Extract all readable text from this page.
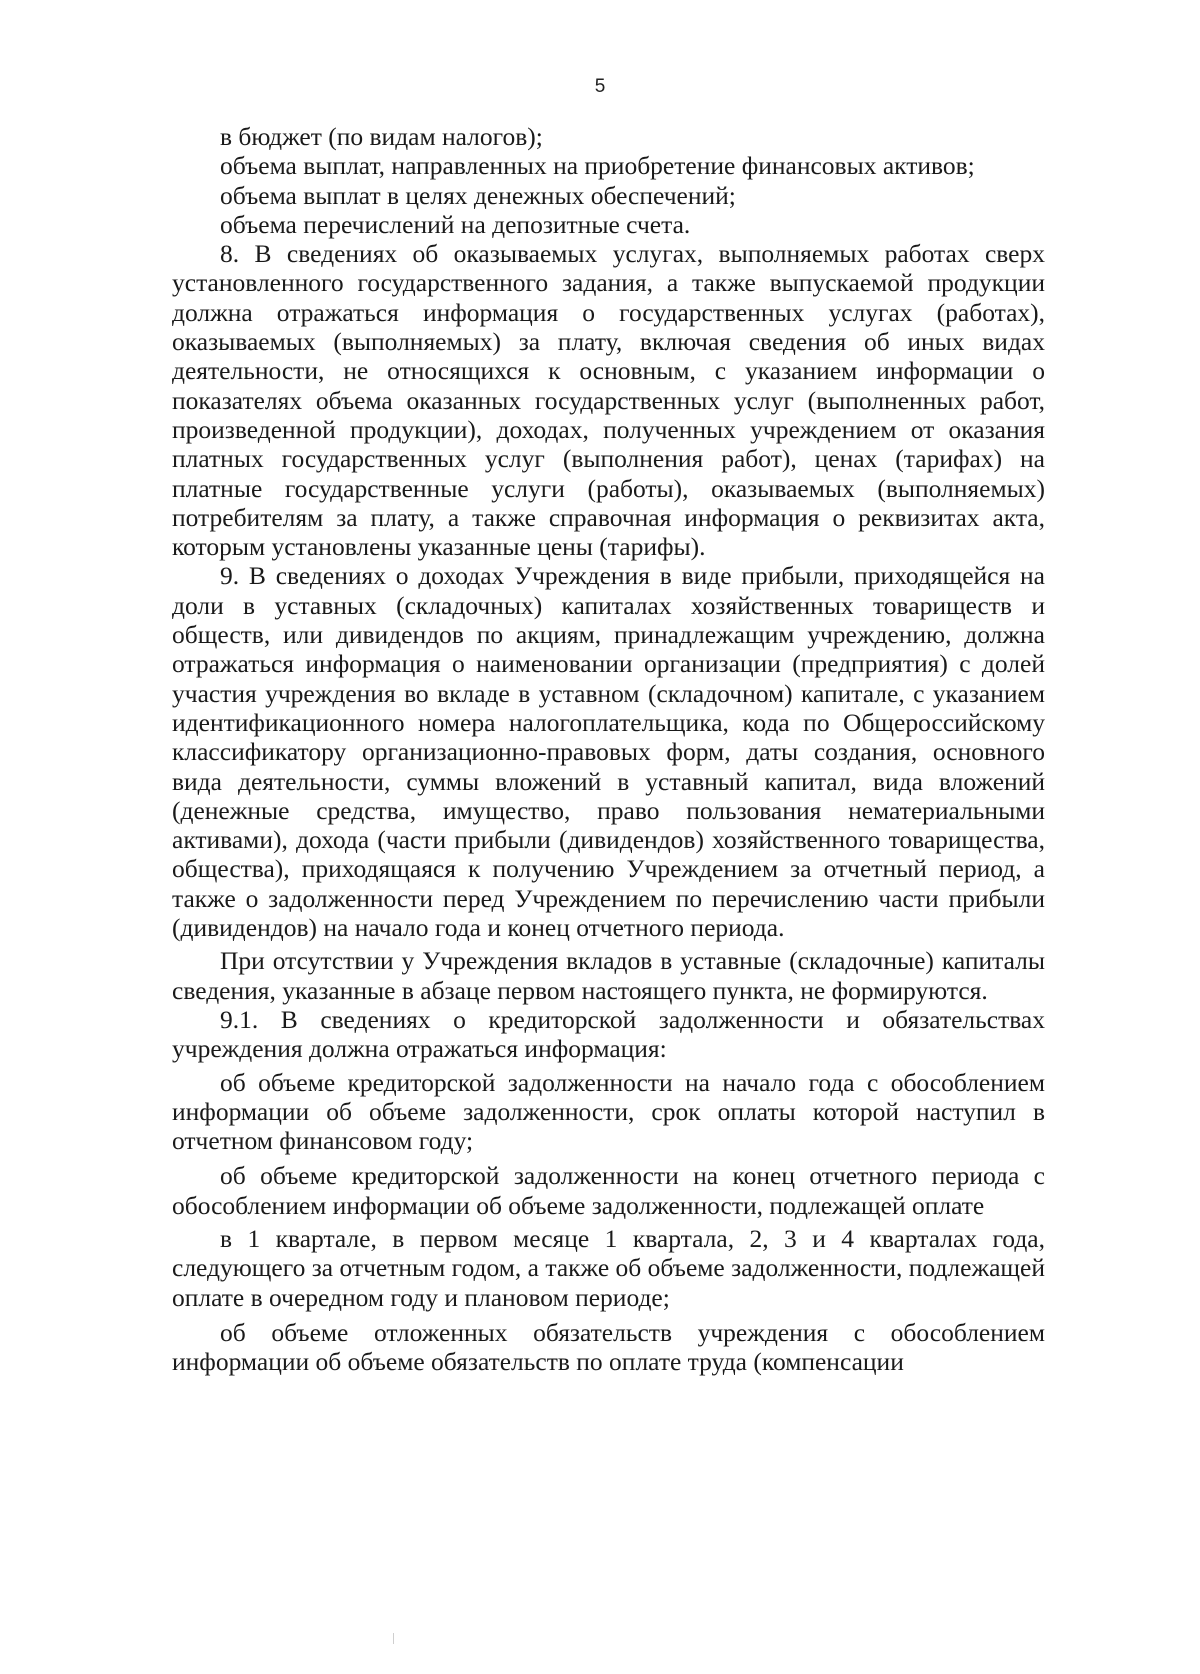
5

в бюджет (по видам налогов);

объема выплат, направленных на приобретение финансовых активов;

объема выплат в целях денежных обеспечений;

объема перечислений на депозитные счета.

8. В сведениях об оказываемых услугах, выполняемых работах сверх установленного государственного задания, а также выпускаемой продукции должна отражаться информация о государственных услугах (работах), оказываемых (выполняемых) за плату, включая сведения об иных видах деятельности, не относящихся к основным, с указанием информации о показателях объема оказанных государственных услуг (выполненных работ, произведенной продукции), доходах, полученных учреждением от оказания платных государственных услуг (выполнения работ), ценах (тарифах) на платные государственные услуги (работы), оказываемых (выполняемых) потребителям за плату, а также справочная информация о реквизитах акта, которым установлены указанные цены (тарифы).

9. В сведениях о доходах Учреждения в виде прибыли, приходящейся на доли в уставных (складочных) капиталах хозяйственных товариществ и обществ, или дивидендов по акциям, принадлежащим учреждению, должна отражаться информация о наименовании организации (предприятия) с долей участия учреждения во вкладе в уставном (складочном) капитале, с указанием идентификационного номера налогоплательщика, кода по Общероссийскому классификатору организационно-правовых форм, даты создания, основного вида деятельности, суммы вложений в уставный капитал, вида вложений (денежные средства, имущество, право пользования нематериальными активами), дохода (части прибыли (дивидендов) хозяйственного товарищества, общества), приходящаяся к получению Учреждением за отчетный период, а также о задолженности перед Учреждением по перечислению части прибыли (дивидендов) на начало года и конец отчетного периода.

При отсутствии у Учреждения вкладов в уставные (складочные) капиталы сведения, указанные в абзаце первом настоящего пункта, не формируются.

9.1. В сведениях о кредиторской задолженности и обязательствах учреждения должна отражаться информация:

об объеме кредиторской задолженности на начало года с обособлением информации об объеме задолженности, срок оплаты которой наступил в отчетном финансовом году;

об объеме кредиторской задолженности на конец отчетного периода с обособлением информации об объеме задолженности, подлежащей оплате

в 1 квартале, в первом месяце 1 квартала, 2, 3 и 4 кварталах года, следующего за отчетным годом, а также об объеме задолженности, подлежащей оплате в очередном году и плановом периоде;

об объеме отложенных обязательств учреждения с обособлением информации об объеме обязательств по оплате труда (компенсации
